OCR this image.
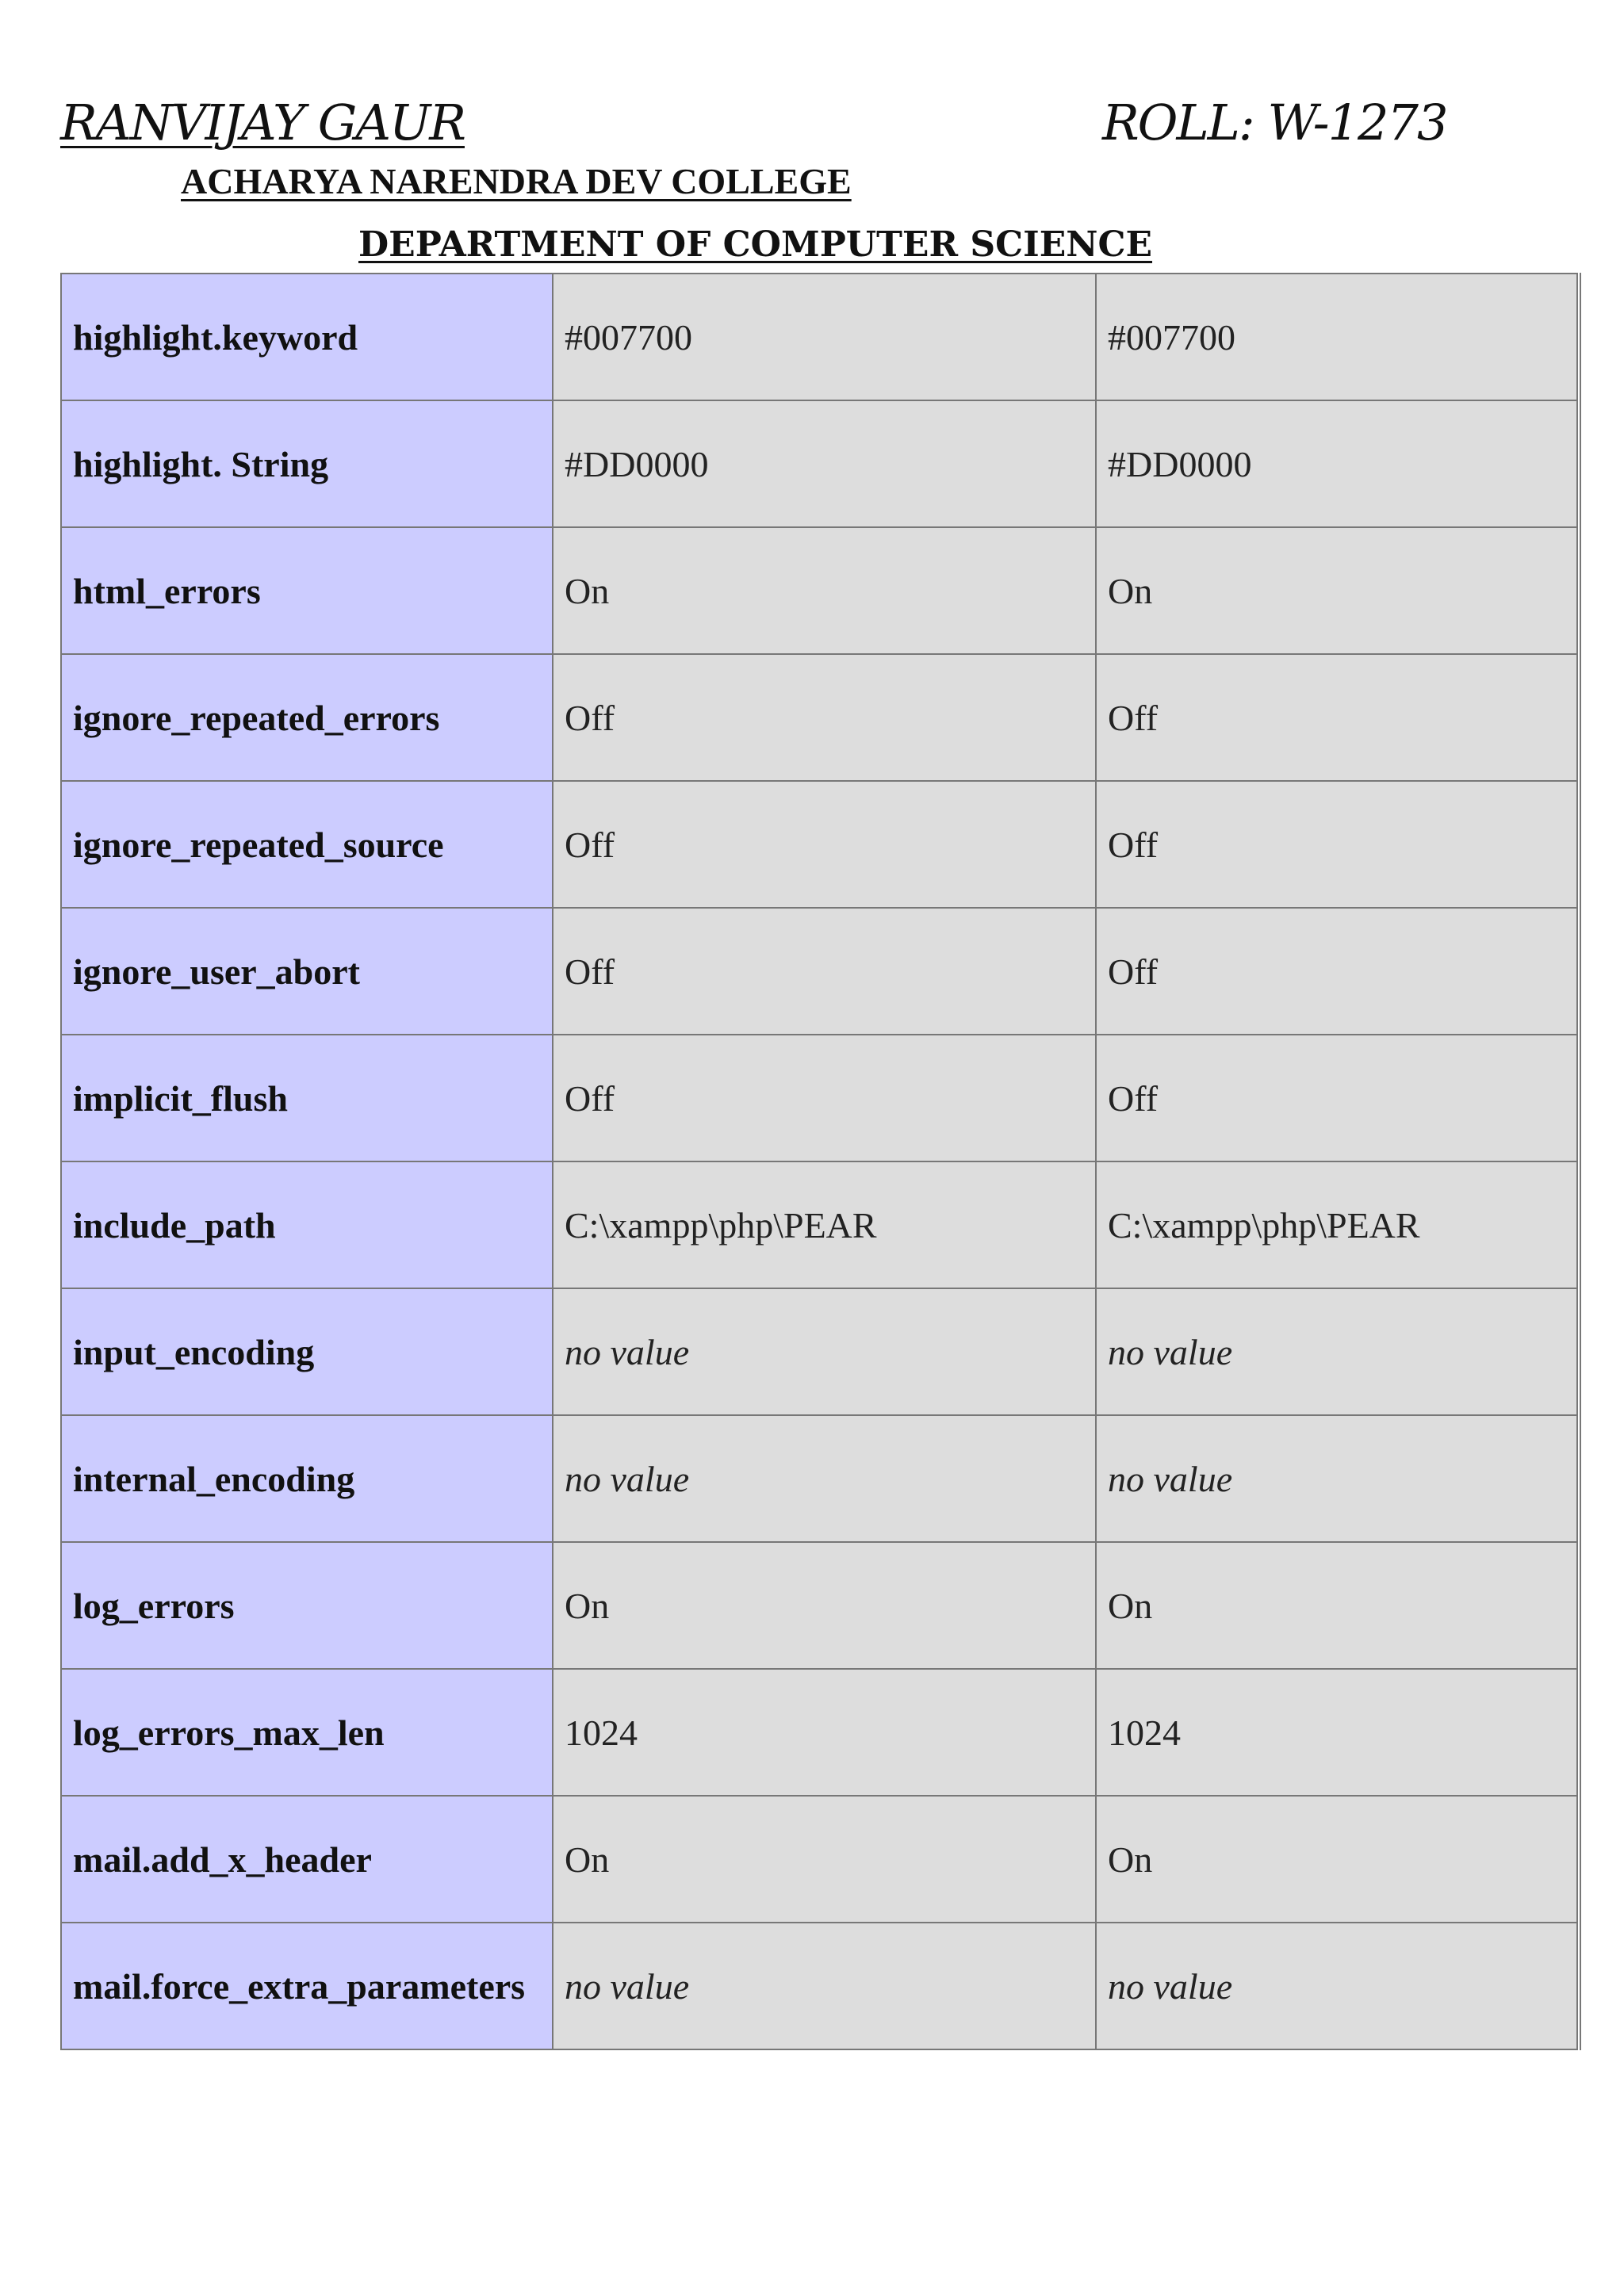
RANVIJAY GAUR	ROLL: W-1273
ACHARYA NARENDRA DEV COLLEGE
DEPARTMENT OF COMPUTER SCIENCE
highlight.keyword	#007700	#007700
highlight. String	#DD0000	#DD0000
html_errors	On	On
ignore_repeated_errors	Off	Off
ignore_repeated_source	Off	Off
ignore_user_abort	Off	Off
implicit_flush	Off	Off
include_path	C:\xampp\php\PEAR	C:\xampp\php\PEAR
input_encoding	no value	no value
internal_encoding	no value	no value
log_errors	On	On
log_errors_max_len	1024	1024
mail.add_x_header	On	On
mail.force_extra_parameters	no value	no value
